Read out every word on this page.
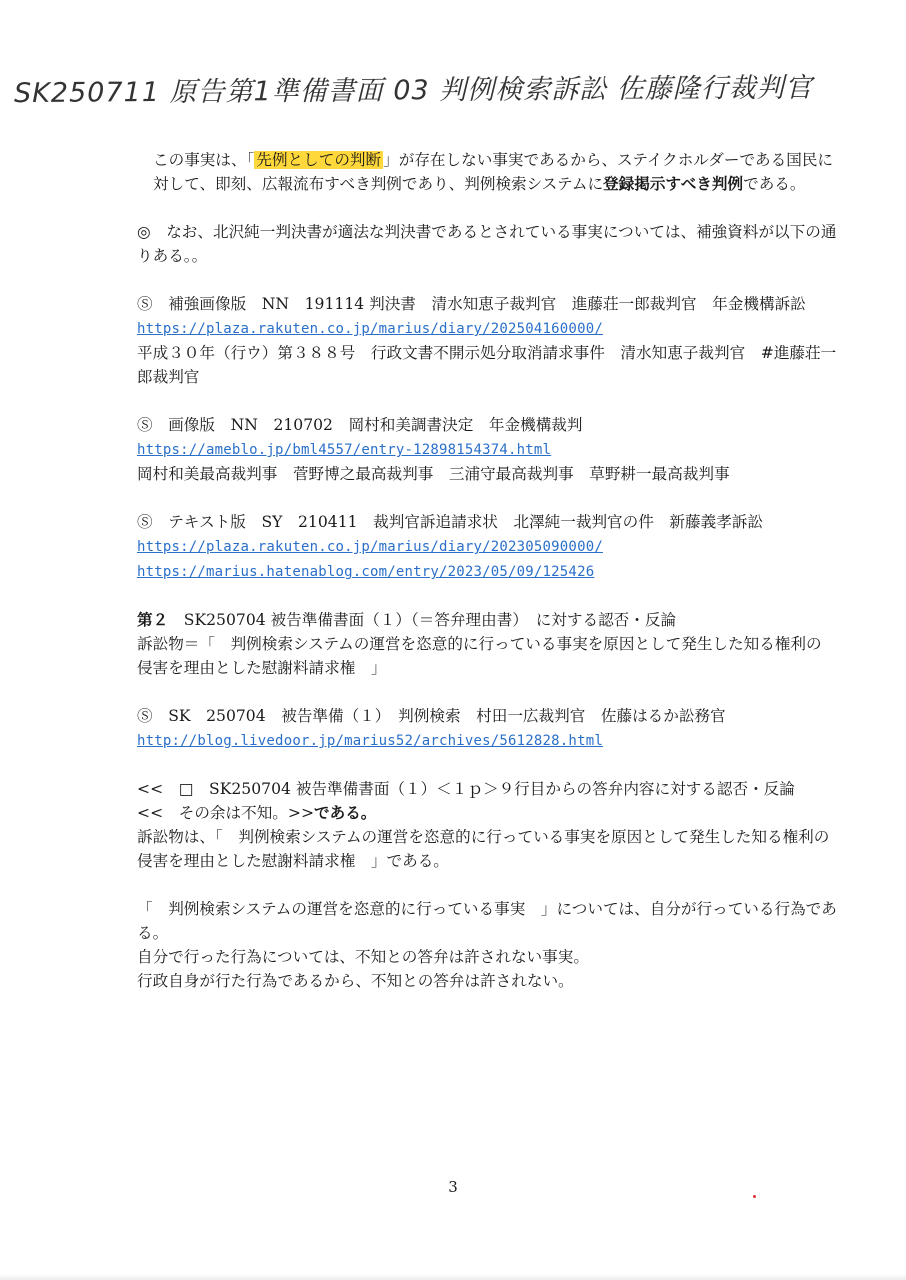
SK250711 原告第1準備書面 03 判例検索訴訟 佐藤隆行裁判官

この事実は、「 先例としての判断 」が存在しない事実であるから、ステイクホルダーである国民に対して、即刻、広報流布すべき判例であり、判例検索システムに登録掲示すべき判例である。

◎　なお、北沢純一判決書が適法な判決書であるとされている事実については、補強資料が以下の通りある。。

Ⓢ　補強画像版　NN　191114 判決書　清水知恵子裁判官　進藤荘一郎裁判官　年金機構訴訟

https://plaza.rakuten.co.jp/marius/diary/202504160000/

平成３０年（行ウ）第３８８号　行政文書不開示処分取消請求事件　清水知恵子裁判官　#進藤荘一郎裁判官

Ⓢ　画像版　NN　210702　岡村和美調書決定　年金機構裁判

https://ameblo.jp/bml4557/entry-12898154374.html

岡村和美最高裁判事　菅野博之最高裁判事　三浦守最高裁判事　草野耕一最高裁判事

Ⓢ　テキスト版　SY　210411　裁判官訴追請求状　北澤純一裁判官の件　新藤義孝訴訟

https://plaza.rakuten.co.jp/marius/diary/202305090000/

https://marius.hatenablog.com/entry/2023/05/09/125426

第２　SK250704 被告準備書面（１）（＝答弁理由書）　に対する認否・反論

訴訟物＝「　判例検索システムの運営を恣意的に行っている事実を原因として発生した知る権利の侵害を理由とした慰謝料請求権　」

Ⓢ　SK　250704　被告準備（１）　判例検索　村田一広裁判官　佐藤はるか訟務官

http://blog.livedoor.jp/marius52/archives/5612828.html

<<　□　SK250704 被告準備書面（１）＜１ｐ＞９行目からの答弁内容に対する認否・反論

<<　その余は不知。>>である。

訴訟物は、「　判例検索システムの運営を恣意的に行っている事実を原因として発生した知る権利の侵害を理由とした慰謝料請求権　」である。

「　判例検索システムの運営を恣意的に行っている事実　」については、自分が行っている行為である。

自分で行った行為については、不知との答弁は許されない事実。

行政自身が行た行為であるから、不知との答弁は許されない。

3
